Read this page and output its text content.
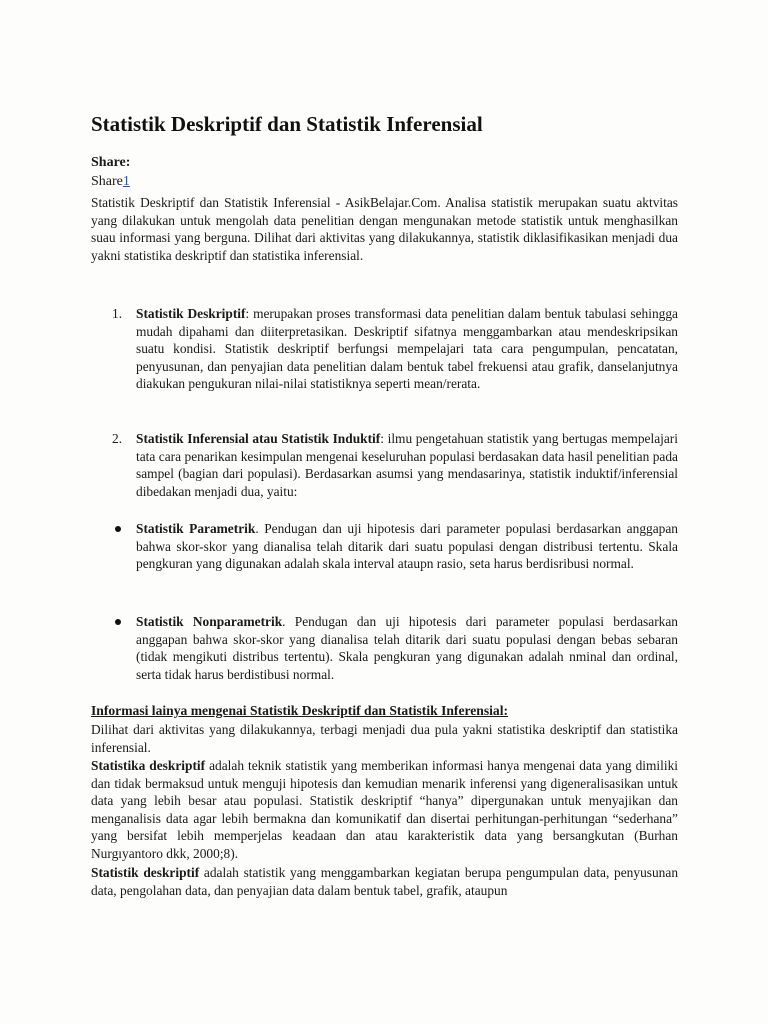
Statistik Deskriptif dan Statistik Inferensial
Share:
Share1

Statistik Deskriptif dan Statistik Inferensial - AsikBelajar.Com. Analisa statistik merupakan suatu aktvitas yang dilakukan untuk mengolah data penelitian dengan mengunakan metode statistik untuk menghasilkan suau informasi yang berguna. Dilihat dari aktivitas yang dilakukannya, statistik diklasifikasikan menjadi dua yakni statistika deskriptif dan statistika inferensial.

1. Statistik Deskriptif: merupakan proses transformasi data penelitian dalam bentuk tabulasi sehingga mudah dipahami dan diiterpretasikan. Deskriptif sifatnya menggambarkan atau mendeskripsikan suatu kondisi. Statistik deskriptif berfungsi mempelajari tata cara pengumpulan, pencatatan, penyusunan, dan penyajian data penelitian dalam bentuk tabel frekuensi atau grafik, danselanjutnya diakukan pengukuran nilai-nilai statistiknya seperti mean/rerata.

2. Statistik Inferensial atau Statistik Induktif: ilmu pengetahuan statistik yang bertugas mempelajari tata cara penarikan kesimpulan mengenai keseluruhan populasi berdasakan data hasil penelitian pada sampel (bagian dari populasi). Berdasarkan asumsi yang mendasarinya, statistik induktif/inferensial dibedakan menjadi dua, yaitu:

Statistik Parametrik. Pendugan dan uji hipotesis dari parameter populasi berdasarkan anggapan bahwa skor-skor yang dianalisa telah ditarik dari suatu populasi dengan distribusi tertentu. Skala pengkuran yang digunakan adalah skala interval ataupn rasio, seta harus berdisribusi normal.

Statistik Nonparametrik. Pendugan dan uji hipotesis dari parameter populasi berdasarkan anggapan bahwa skor-skor yang dianalisa telah ditarik dari suatu populasi dengan bebas sebaran (tidak mengikuti distribus tertentu). Skala pengkuran yang digunakan adalah nminal dan ordinal, serta tidak harus berdistibusi normal.

Informasi lainya mengenai Statistik Deskriptif dan Statistik Inferensial:

Dilihat dari aktivitas yang dilakukannya, terbagi menjadi dua pula yakni statistika deskriptif dan statistika inferensial.

Statistika deskriptif adalah teknik statistik yang memberikan informasi hanya mengenai data yang dimiliki dan tidak bermaksud untuk menguji hipotesis dan kemudian menarik inferensi yang digeneralisasikan untuk data yang lebih besar atau populasi. Statistik deskriptif “hanya” dipergunakan untuk menyajikan dan menganalisis data agar lebih bermakna dan komunikatif dan disertai perhitungan-perhitungan “sederhana” yang bersifat lebih memperjelas keadaan dan atau karakteristik data yang bersangkutan (Burhan Nurgıyantoro dkk, 2000;8).

Statistik deskriptif adalah statistik yang menggambarkan kegiatan berupa pengumpulan data, penyusunan data, pengolahan data, dan penyajian data dalam bentuk tabel, grafik, ataupun
